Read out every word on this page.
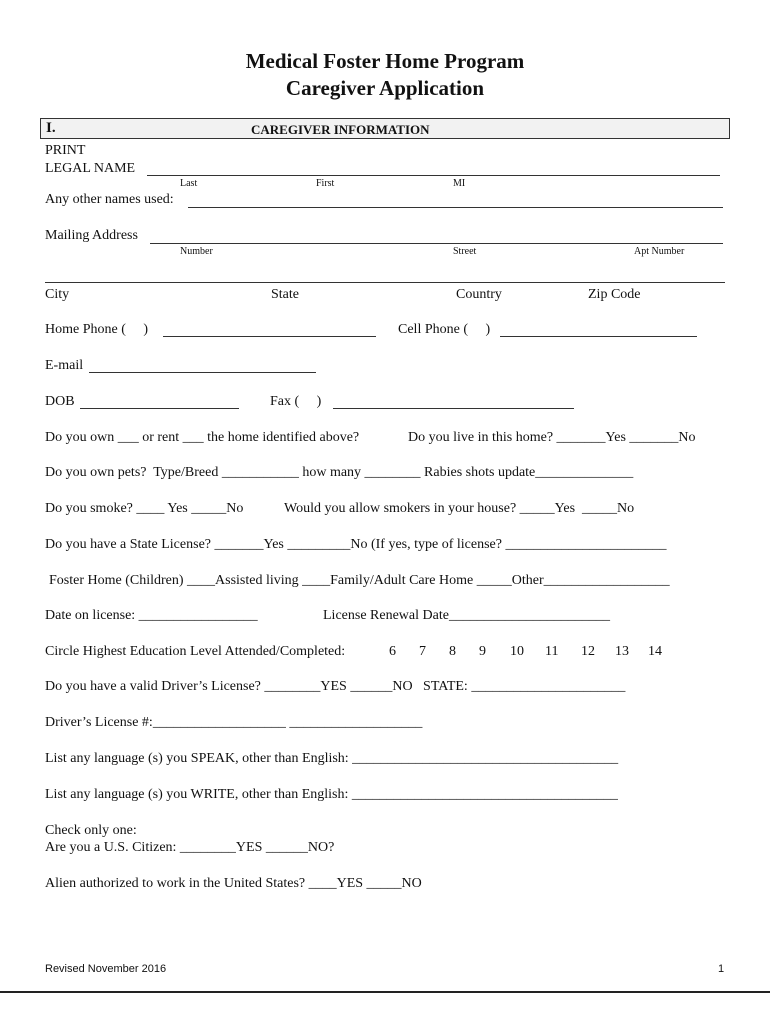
Medical Foster Home Program
Caregiver Application
I.	CAREGIVER INFORMATION
PRINT
LEGAL NAME
Last	First	MI
Any other names used:
Mailing Address
Number	Street	Apt Number
City	State	Country	Zip Code
Home Phone (     )	Cell Phone (     )
E-mail
DOB	Fax (     )
Do you own ___ or rent ___ the home identified above?	Do you live in this home? _______Yes _______No
Do you own pets?  Type/Breed ___________ how many ________ Rabies shots update______________
Do you smoke? ____ Yes _____No	Would you allow smokers in your house? _____Yes  _____No
Do you have a State License? _______Yes _________No (If yes, type of license? _______________________
Foster Home (Children) ____Assisted living ____Family/Adult Care Home _____Other__________________
Date on license: _________________	License Renewal Date_______________________
Circle Highest Education Level Attended/Completed:	6 7 8 9 10 11 12 13 14
Do you have a valid Driver’s License? ________YES ______NO   STATE: ______________________
Driver’s License #:___________________ ___________________
List any language (s) you SPEAK, other than English: ______________________________________
List any language (s) you WRITE, other than English: ______________________________________
Check only one:
Are you a U.S. Citizen: ________YES ______NO?
Alien authorized to work in the United States? ____YES _____NO
Revised November 2016	1
